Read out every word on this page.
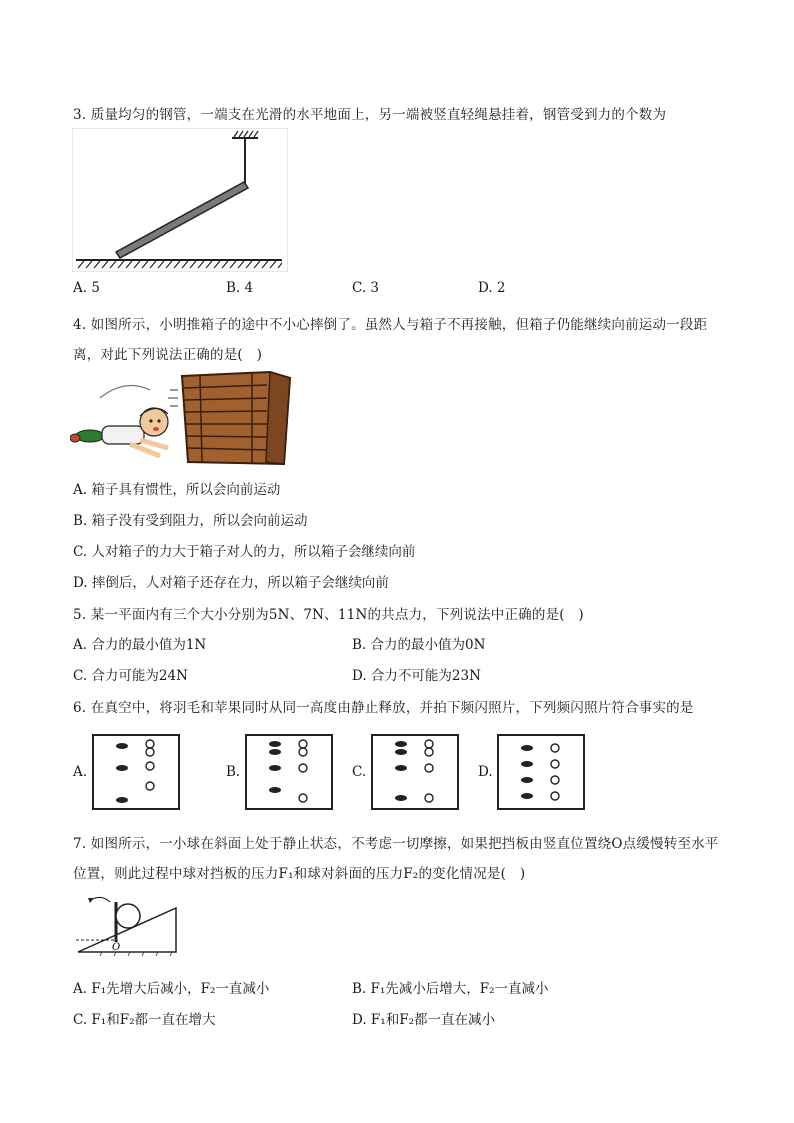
3. 质量均匀的钢管，一端支在光滑的水平地面上，另一端被竖直轻绳悬挂着，钢管受到力的个数为
A. 5	B. 4	C. 3	D. 2
4. 如图所示，小明推箱子的途中不小心摔倒了。虽然人与箱子不再接触，但箱子仍能继续向前运动一段距
离，对此下列说法正确的是(　)
A. 箱子具有惯性，所以会向前运动
B. 箱子没有受到阻力，所以会向前运动
C. 人对箱子的力大于箱子对人的力，所以箱子会继续向前
D. 摔倒后，人对箱子还存在力，所以箱子会继续向前
5. 某一平面内有三个大小分别为5N、7N、11N的共点力，下列说法中正确的是(　)
A. 合力的最小值为1N	B. 合力的最小值为0N
C. 合力可能为24N	D. 合力不可能为23N
6. 在真空中，将羽毛和苹果同时从同一高度由静止释放，并拍下频闪照片，下列频闪照片符合事实的是
A.	B.	C.	D.
7. 如图所示，一小球在斜面上处于静止状态，不考虑一切摩擦，如果把挡板由竖直位置绕O点缓慢转至水平
位置，则此过程中球对挡板的压力F₁和球对斜面的压力F₂的变化情况是(　)
O
A. F₁先增大后减小，F₂一直减小	B. F₁先减小后增大，F₂一直减小
C. F₁和F₂都一直在增大	D. F₁和F₂都一直在减小
